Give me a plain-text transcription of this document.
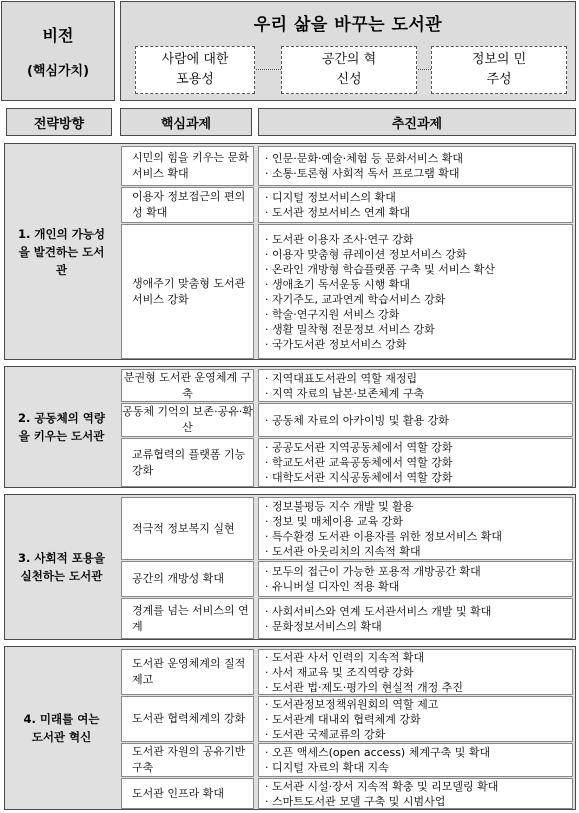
비전
(핵심가치)
우리 삶을 바꾸는 도서관
사람에 대한 포용성
공간의 혁신성
정보의 민주성
전략방향	핵심과제	추진과제
1. 개인의 가능성을 발견하는 도서관
시민의 힘을 키우는 문화서비스 확대
· 인문·문화·예술·체험 등 문화서비스 확대
· 소통·토론형 사회적 독서 프로그램 확대
이용자 정보접근의 편의성 확대
· 디지털 정보서비스의 확대
· 도서관 정보서비스 연계 확대
생애주기 맞춤형 도서관서비스 강화
· 도서관 이용자 조사·연구 강화
· 이용자 맞춤형 큐레이션 정보서비스 강화
· 온라인 개방형 학습플랫폼 구축 및 서비스 확산
· 생애초기 독서운동 시행 확대
· 자기주도, 교과연계 학습서비스 강화
· 학술·연구지원 서비스 강화
· 생활 밀착형 전문정보 서비스 강화
· 국가도서관 정보서비스 강화
2. 공동체의 역량을 키우는 도서관
분권형 도서관 운영체계 구축
· 지역대표도서관의 역할 재정립
· 지역 자료의 납본·보존체계 구축
공동체 기억의 보존·공유·확산
· 공동체 자료의 아카이빙 및 활용 강화
교류협력의 플랫폼 기능 강화
· 공공도서관 지역공동체에서 역할 강화
· 학교도서관 교육공동체에서 역할 강화
· 대학도서관 지식공동체에서 역할 강화
3. 사회적 포용을 실천하는 도서관
적극적 정보복지 실현
· 정보불평등 지수 개발 및 활용
· 정보 및 매체이용 교육 강화
· 특수환경 도서관 이용자를 위한 정보서비스 확대
· 도서관 아웃리치의 지속적 확대
공간의 개방성 확대
· 모두의 접근이 가능한 포용적 개방공간 확대
· 유니버설 디자인 적용 확대
경계를 넘는 서비스의 연계
· 사회서비스와 연계 도서관서비스 개발 및 확대
· 문화정보서비스의 확대
4. 미래를 여는 도서관 혁신
도서관 운영체계의 질적 제고
· 도서관 사서 인력의 지속적 확대
· 사서 재교육 및 조직역량 강화
· 도서관 법·제도·평가의 현실적 개정 추진
도서관 협력체계의 강화
· 도서관정보정책위원회의 역할 제고
· 도서관계 대내외 협력체계 강화
· 도서관 국제교류의 강화
도서관 자원의 공유기반 구축
· 오픈 액세스(open access) 체계구축 및 확대
· 디지털 자료의 확대 지속
도서관 인프라 확대
· 도서관 시설·장서 지속적 확충 및 리모델링 확대
· 스마트도서관 모델 구축 및 시범사업
